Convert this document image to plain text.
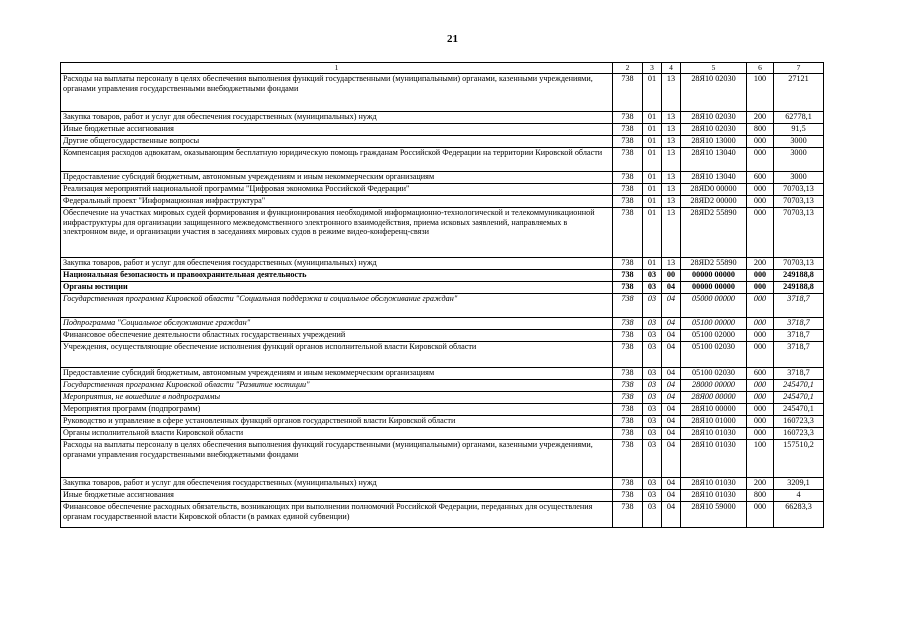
21
1	2	3	4	5	6	7
Расходы на выплаты персоналу в целях обеспечения выполнения функций государственными (муниципальными) органами, казенными учреждениями, органами управления государственными внебюджетными фондами	738	01	13	28Я10 02030	100	27121
Закупка товаров, работ и услуг для обеспечения государственных (муниципальных) нужд	738	01	13	28Я10 02030	200	62778,1
Иные бюджетные ассигнования	738	01	13	28Я10 02030	800	91,5
Другие общегосударственные вопросы	738	01	13	28Я10 13000	000	3000
Компенсация расходов адвокатам, оказывающим бесплатную юридическую помощь гражданам Российской Федерации на территории Кировской области	738	01	13	28Я10 13040	000	3000
Предоставление субсидий бюджетным, автономным учреждениям и иным некоммерческим организациям	738	01	13	28Я10 13040	600	3000
Реализация мероприятий национальной программы "Цифровая экономика Российской Федерации"	738	01	13	28ЯD0 00000	000	70703,13
Федеральный проект "Информационная инфраструктура"	738	01	13	28ЯD2 00000	000	70703,13
Обеспечение на участках мировых судей формирования и функционирования необходимой информационно-технологической и телекоммуникационной инфраструктуры для организации защищенного межведомственного электронного взаимодействия, приема исковых заявлений, направляемых в электронном виде, и организации участия в заседаниях мировых судов в режиме видео-конференц-связи	738	01	13	28ЯD2 55890	000	70703,13
Закупка товаров, работ и услуг для обеспечения государственных (муниципальных) нужд	738	01	13	28ЯD2 55890	200	70703,13
Национальная безопасность и правоохранительная деятельность	738	03	00	00000 00000	000	249188,8
Органы юстиции	738	03	04	00000 00000	000	249188,8
Государственная программа Кировской области "Социальная поддержка и социальное обслуживание граждан"	738	03	04	05000 00000	000	3718,7
Подпрограмма "Социальное обслуживание граждан"	738	03	04	05100 00000	000	3718,7
Финансовое обеспечение деятельности областных государственных учреждений	738	03	04	05100 02000	000	3718,7
Учреждения, осуществляющие обеспечение исполнения функций органов исполнительной власти Кировской области	738	03	04	05100 02030	000	3718,7
Предоставление субсидий бюджетным, автономным учреждениям и иным некоммерческим организациям	738	03	04	05100 02030	600	3718,7
Государственная программа Кировской области "Развитие юстиции"	738	03	04	28000 00000	000	245470,1
Мероприятия, не вошедшие в подпрограммы	738	03	04	28Я00 00000	000	245470,1
Мероприятия программ (подпрограмм)	738	03	04	28Я10 00000	000	245470,1
Руководство и управление в сфере установленных функций органов государственной власти Кировской области	738	03	04	28Я10 01000	000	160723,3
Органы исполнительной власти Кировской области	738	03	04	28Я10 01030	000	160723,3
Расходы на выплаты персоналу в целях обеспечения выполнения функций государственными (муниципальными) органами, казенными учреждениями, органами управления государственными внебюджетными фондами	738	03	04	28Я10 01030	100	157510,2
Закупка товаров, работ и услуг для обеспечения государственных (муниципальных) нужд	738	03	04	28Я10 01030	200	3209,1
Иные бюджетные ассигнования	738	03	04	28Я10 01030	800	4
Финансовое обеспечение расходных обязательств, возникающих при выполнении полномочий Российской Федерации, переданных для осуществления органам государственной власти Кировской области (в рамках единой субвенции)	738	03	04	28Я10 59000	000	66283,3
